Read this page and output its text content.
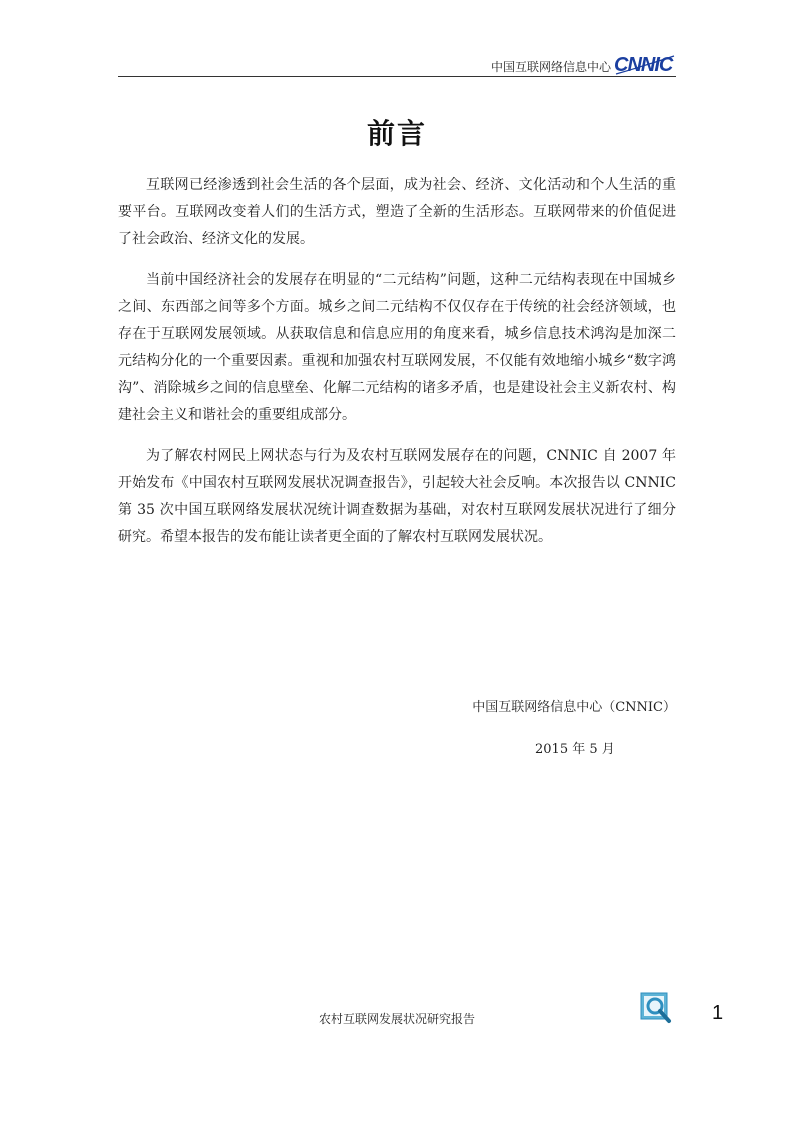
中国互联网络信息中心 CNNIC
前言

互联网已经渗透到社会生活的各个层面，成为社会、经济、文化活动和个人生活的重要平台。互联网改变着人们的生活方式，塑造了全新的生活形态。互联网带来的价值促进了社会政治、经济文化的发展。

当前中国经济社会的发展存在明显的“二元结构”问题，这种二元结构表现在中国城乡之间、东西部之间等多个方面。城乡之间二元结构不仅仅存在于传统的社会经济领域，也存在于互联网发展领域。从获取信息和信息应用的角度来看，城乡信息技术鸿沟是加深二元结构分化的一个重要因素。重视和加强农村互联网发展，不仅能有效地缩小城乡“数字鸿沟”、消除城乡之间的信息壁垒、化解二元结构的诸多矛盾，也是建设社会主义新农村、构建社会主义和谐社会的重要组成部分。

为了解农村网民上网状态与行为及农村互联网发展存在的问题，CNNIC 自 2007 年开始发布《中国农村互联网发展状况调查报告》，引起较大社会反响。本次报告以 CNNIC 第 35 次中国互联网络发展状况统计调查数据为基础，对农村互联网发展状况进行了细分研究。希望本报告的发布能让读者更全面的了解农村互联网发展状况。

中国互联网络信息中心（CNNIC）
2015 年 5 月
农村互联网发展状况研究报告	1
